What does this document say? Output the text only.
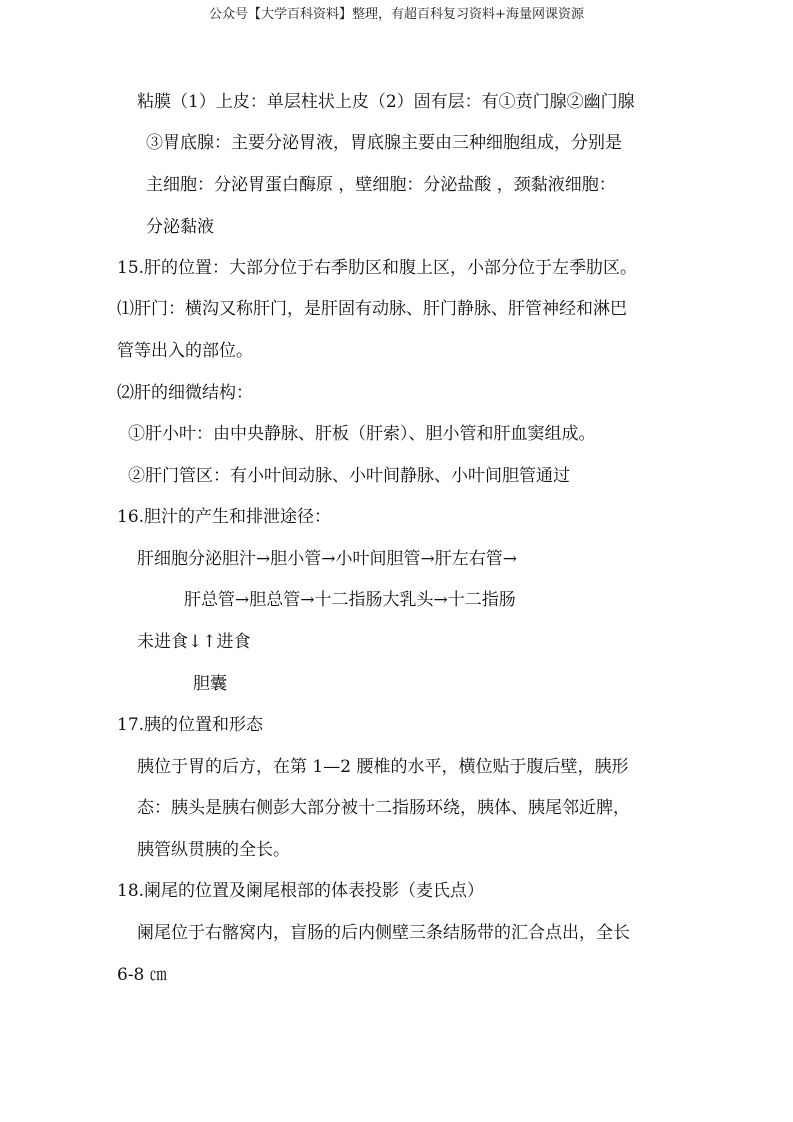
公众号【大学百科资料】整理，有超百科复习资料+海量网课资源
粘膜（1）上皮：单层柱状上皮（2）固有层：有①贲门腺②幽门腺
③胃底腺：主要分泌胃液，胃底腺主要由三种细胞组成，分别是
主细胞：分泌胃蛋白酶原 ，壁细胞：分泌盐酸 ，颈黏液细胞：
分泌黏液
15.肝的位置：大部分位于右季肋区和腹上区，小部分位于左季肋区。
⑴肝门：横沟又称肝门，是肝固有动脉、肝门静脉、肝管神经和淋巴
管等出入的部位。
⑵肝的细微结构：
①肝小叶：由中央静脉、肝板（肝索）、胆小管和肝血窦组成。
②肝门管区：有小叶间动脉、小叶间静脉、小叶间胆管通过
16.胆汁的产生和排泄途径：
肝细胞分泌胆汁→胆小管→小叶间胆管→肝左右管→
肝总管→胆总管→十二指肠大乳头→十二指肠
未进食↓↑进食
胆囊
17.胰的位置和形态
胰位于胃的后方，在第 1—2 腰椎的水平，横位贴于腹后壁，胰形
态：胰头是胰右侧彭大部分被十二指肠环绕，胰体、胰尾邻近脾，
胰管纵贯胰的全长。
18.阑尾的位置及阑尾根部的体表投影（麦氏点）
阑尾位于右髂窝内，盲肠的后内侧壁三条结肠带的汇合点出，全长
6-8 ㎝
